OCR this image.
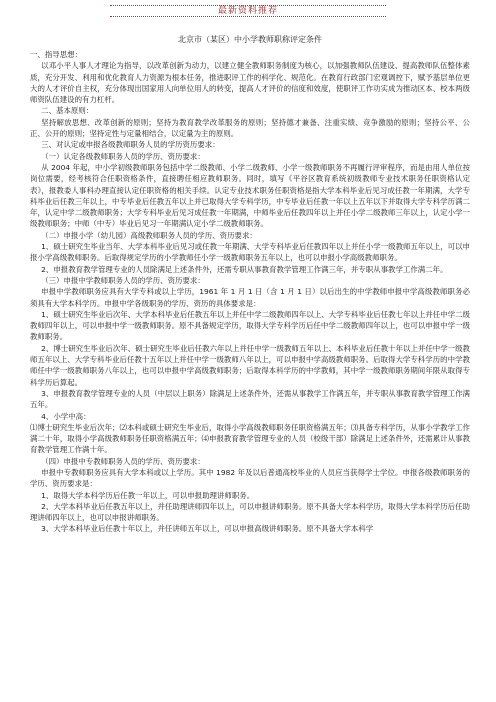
最新资料推荐
北京市（某区）中小学教师职称评定条件

一、指导思想：

以邓小平人事人才理论为指导，以改革创新为动力，以建立健全教师职务制度为核心，以加强教师队伍建设、提高教师队伍整体素质，充分开发、利用和优化教育人力资源为根本任务，推进职评工作的科学化、规范化。在教育行政部门宏观调控下，赋予基层单位更大的人才评价自主权，充分体现出国家用人向单位用人的转变，提高人才评价的信度和效度，使职评工作功实成为推动区本、校本两级师资队伍建设的有力杠杆。

二、基本原则：

坚持解放思想、改革创新的原则；坚持为教育教学改革服务的原则；坚持德才兼备、注重实绩、竞争激励的原则；坚持公平、公正、公开的原则；坚持定性与定量相结合，以定量为主的原则。

三、对认定或申报各级教师职务人员的学历资历要求：

（一）认定各级教师职务人员的学历、资历要求：

从 2004 年起，中小学初级教师职务包括中学二级教师、小学二级教师、小学一级教师职务不再履行评审程序，而是由用人单位按岗位需要，经考核符合任职资格条件，直接聘任相应教师职务。同时，填写《平谷区教育系统初级教师专业技术职务任职资格认定表》，报教委人事科办理直接认定任职资格的相关手续。认定专业技术职务任职资格是指大学本科毕业后见习成任教一年期满，大学专科毕业后任教三年以上，中专毕业后任教五年以上并已取得大学专科学历，中专毕业后任教一年以上五年以下并取得大学专科学历满二年，认定中学二级教师职务；大学专科毕业后见习成任教一年期满，中师毕业后任教四年以上并任小学二级教师三年以上，认定小学一级教师职务；中师（中专）毕业后见习一年期满认定小学二级教师职务。

（二）申报小学（幼儿园）高级教师职务人员的学历、资历要求：

1、硕士研究生毕业当年、大学本科毕业后见习或任教一年期满、大学专科毕业后任教四年以上并任小学一级教师五年以上，可以申报小学高级教师职务。后取得规定学历的小学教师任小学一级教师职务五年以上，也可以申报小学高级教师职务。

2、申报教育教学管理专业的人员除满足上述条件外，还需专职从事教育教学管理工作满三年，并专职从事教学工作满二年。

（三）申报中学教师职务人员的学历、资历要求：

申报中学教师职务应具有大学专科或以上学历，1961 年 1 月 1 日（含 1 月 1 日）以后出生的中学教师申报中学高级教师职务必须具有大学本科学历。申报中学各级职务的学历、资历的具体要求是：

1、硕士研究生毕业后次年、大学本科毕业后任教五年以上并任中学二级教师四年以上、大学专科毕业后任教七年以上并任中学二级教师四年以上，可以申报中学一级教师职务。原不具备规定学历，取得大学专科学历后任中学二级教师四年以上，也可以申报中学一级教师职务。

2、博士研究生毕业后次年、硕士研究生毕业后任教六年以上并任中学一级教师五年以上、本科毕业后任教十年以上并任中学一级教师五年以上、大学专科毕业后任教十五年以上并任中学一级教师八年以上，可以申报中学高级教师职务。后取得大学专科学历的中学教师任中学一级教师职务八年以上，也可以申报中学高级教师职务；后取得本科学历的中学教师，其中学一级教师职务期间年限从取得专科学历后算起。

3、申报教育教学管理专业的人员（中层以上职务）除满足上述条件外，还需从事教学工作满五年，并专职从事教育教学管理工作满五年。

4、小学中高：

⑴博士研究生毕业后次年；⑵本科或硕士研究生毕业后，取得小学高级教师职务任职资格满五年；⑶具备专科学历，从事小学教学工作满二十年，取得小学高级教师职务任职资格满五年；⑷申报教育教学管理专业的人员（校级干部）除满足上述条件外，还需累计从事教育教学管理工作满十年。

（四）申报中专教师职务人员的学历、资历要求：

申报中专教师职务应具有大学本科或以上学历。其中 1982 年及以后普通高校毕业的人员应当获得学士学位。申报各级教师职务的学历、资历要求是：

1、取得大学本科学历后任教一年以上，可以申报助理讲师职务。

2、大学本科毕业后任教五年以上，并任助理讲师四年以上，可以申报讲师职务。原不具备大学本科学历，取得大学本科学历后任助理讲师四年以上，也可以申报讲师职务。

3、大学本科毕业后任教十年以上，并任讲师五年以上，可以申报高级讲师职务。原不具备大学本科学
